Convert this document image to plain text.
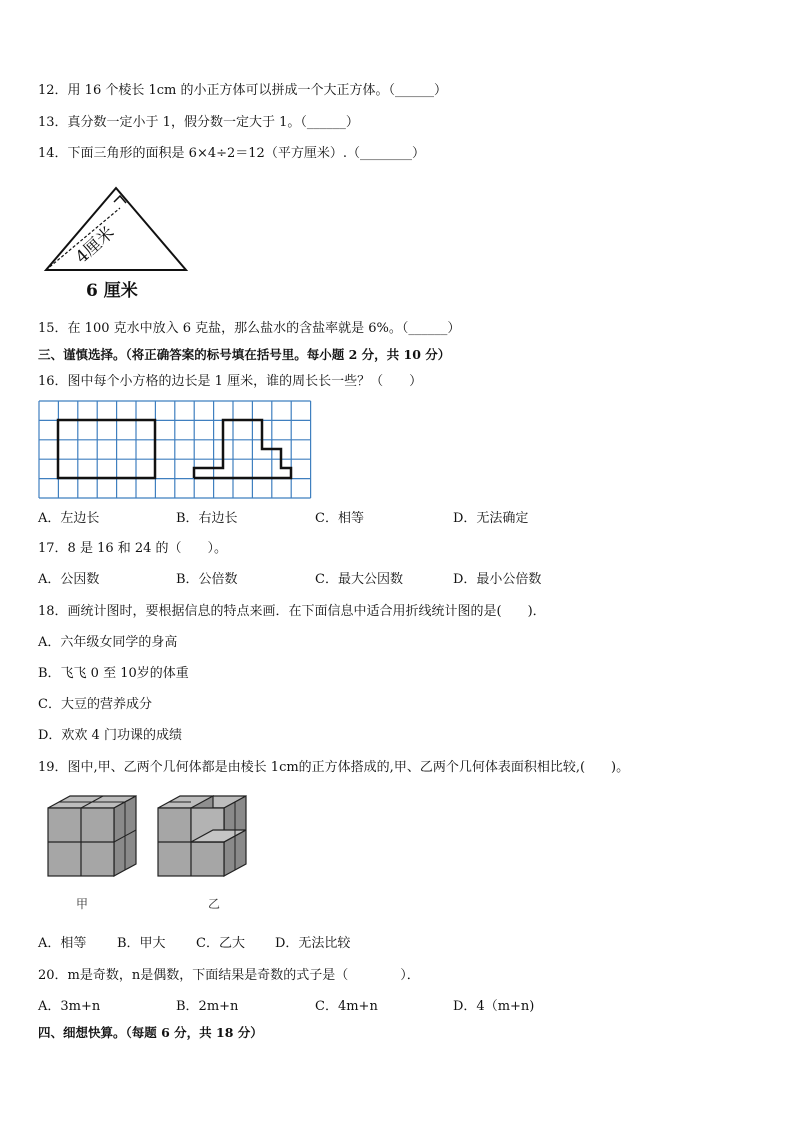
12．用 16 个棱长 1cm 的小正方体可以拼成一个大正方体。（______）
13．真分数一定小于 1，假分数一定大于 1。（______）
14．下面三角形的面积是 6×4÷2＝12（平方厘米）.（________）
4厘米
6 厘米
15．在 100 克水中放入 6 克盐，那么盐水的含盐率就是 6%。（______）
三、谨慎选择。（将正确答案的标号填在括号里。每小题 2 分，共 10 分）
16．图中每个小方格的边长是 1 厘米，谁的周长长一些？（　　）
A．左边长	B．右边长	C．相等	D．无法确定
17．8 是 16 和 24 的（　　）。
A．公因数	B．公倍数	C．最大公因数	D．最小公倍数
18．画统计图时，要根据信息的特点来画．在下面信息中适合用折线统计图的是(　　)．
A．六年级女同学的身高
B．飞飞 0 至 10岁的体重
C．大豆的营养成分
D．欢欢 4 门功课的成绩
19．图中,甲、乙两个几何体都是由棱长 1cm的正方体搭成的,甲、乙两个几何体表面积相比较,(　　)。
甲	乙
A．相等 B．甲大 C．乙大 D．无法比较
20．m是奇数，n是偶数，下面结果是奇数的式子是（　　　　）．
A．3m+n	B．2m+n	C．4m+n	D．4（m+n)
四、细想快算。（每题 6 分，共 18 分）
